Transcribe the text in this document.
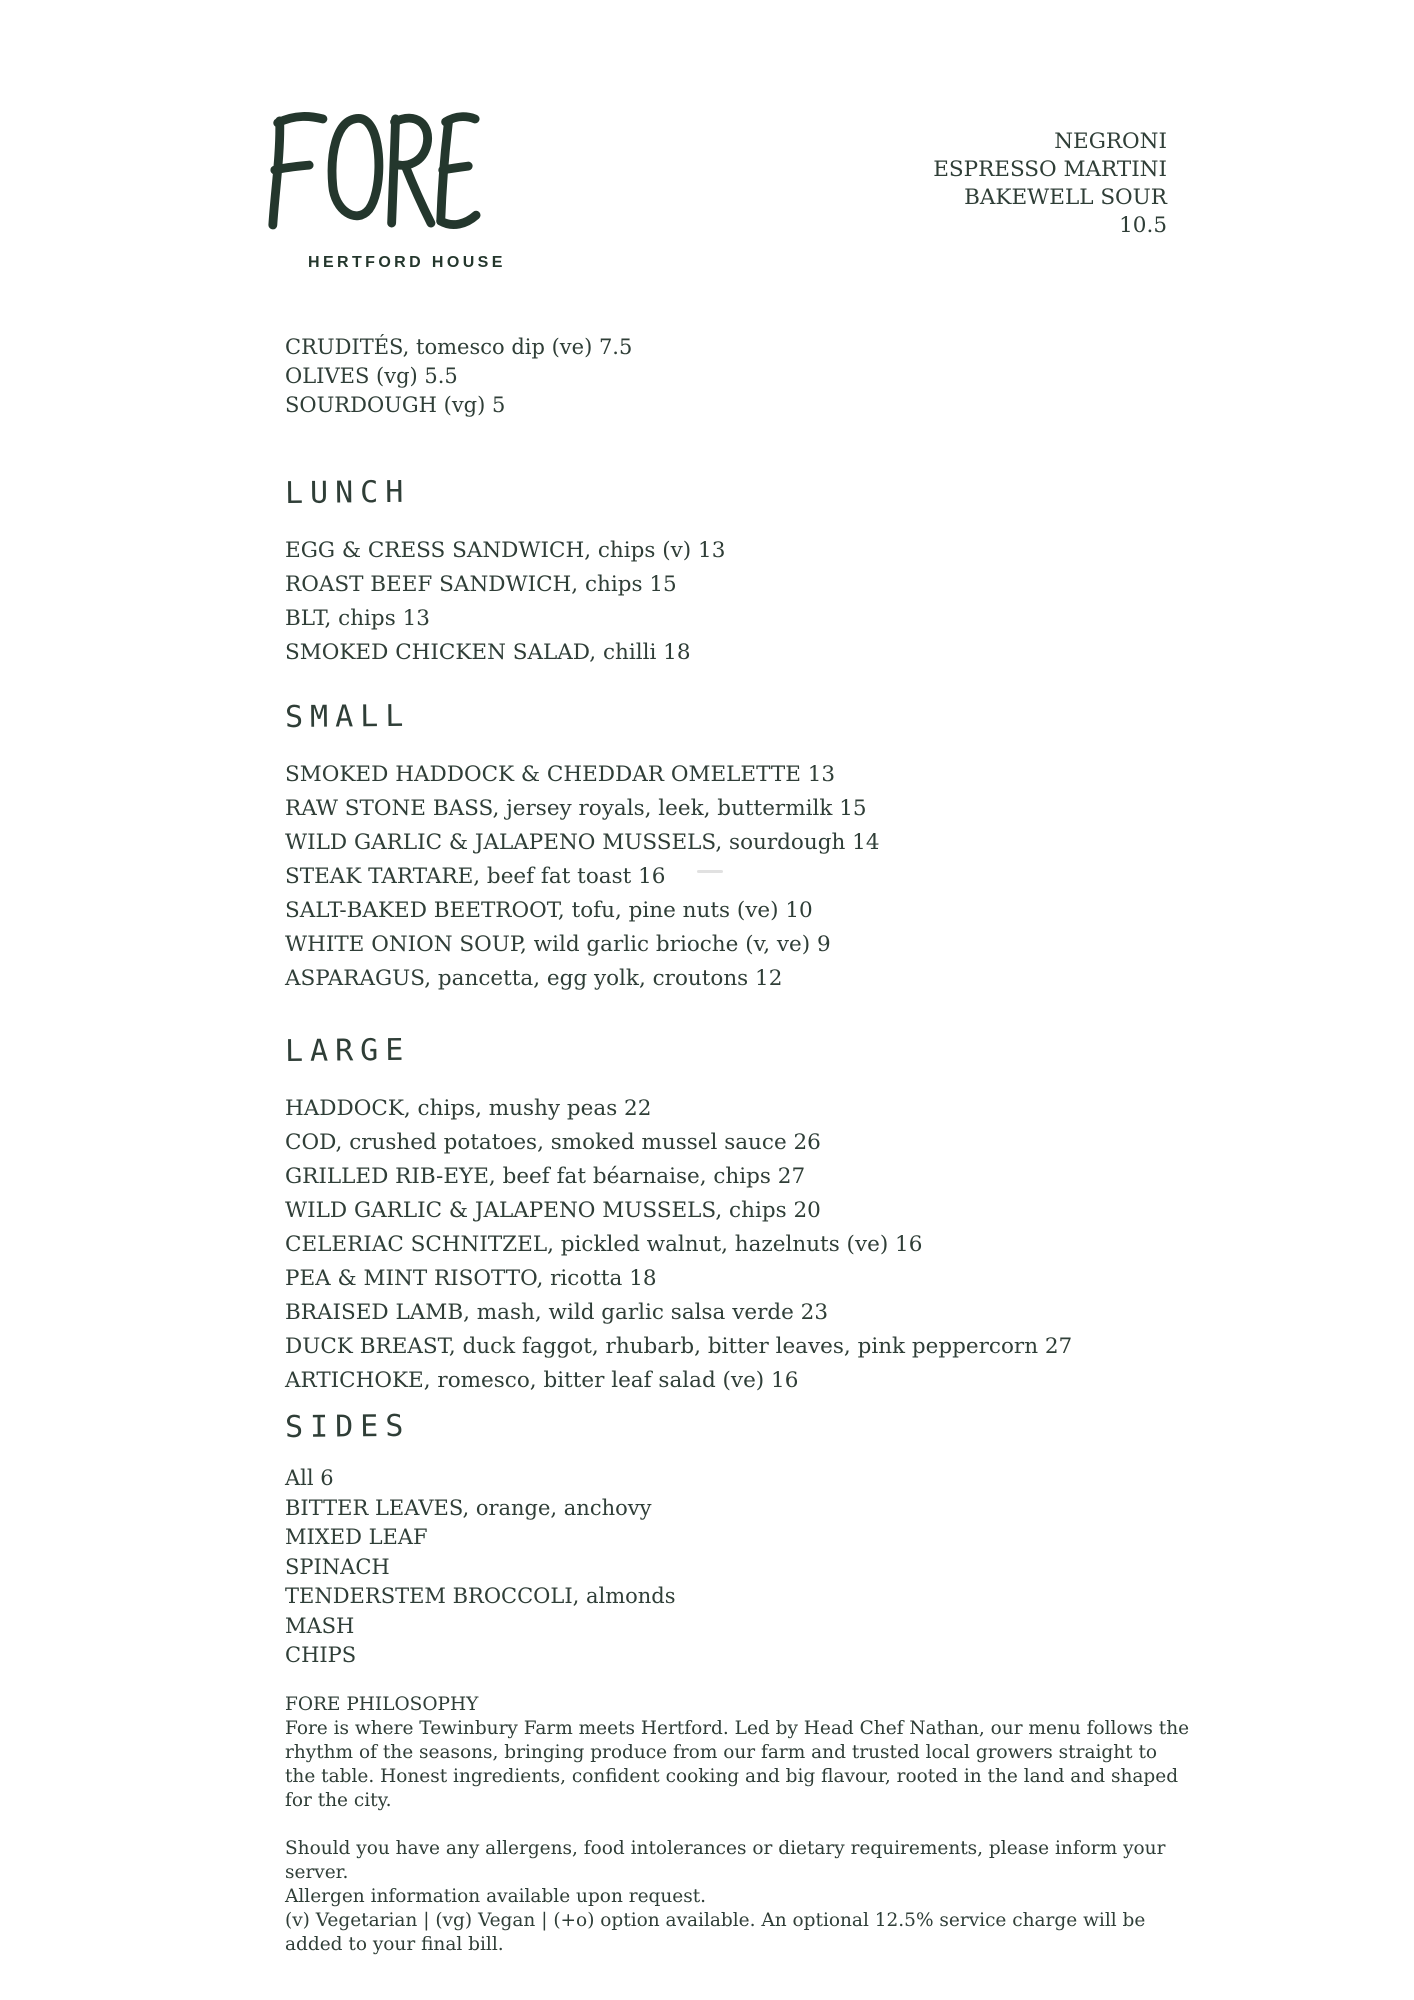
HERTFORD HOUSE
NEGRONI
ESPRESSO MARTINI
BAKEWELL SOUR
10.5
CRUDITÉS, tomesco dip (ve) 7.5
OLIVES (vg) 5.5
SOURDOUGH (vg) 5
LUNCH
EGG & CRESS SANDWICH, chips (v) 13
ROAST BEEF SANDWICH, chips 15
BLT, chips 13
SMOKED CHICKEN SALAD, chilli 18
SMALL
SMOKED HADDOCK & CHEDDAR OMELETTE 13
RAW STONE BASS, jersey royals, leek, buttermilk 15
WILD GARLIC & JALAPENO MUSSELS, sourdough 14
STEAK TARTARE, beef fat toast 16
SALT-BAKED BEETROOT, tofu, pine nuts (ve) 10
WHITE ONION SOUP, wild garlic brioche (v, ve) 9
ASPARAGUS, pancetta, egg yolk, croutons 12
LARGE
HADDOCK, chips, mushy peas 22
COD, crushed potatoes, smoked mussel sauce 26
GRILLED RIB-EYE, beef fat béarnaise, chips 27
WILD GARLIC & JALAPENO MUSSELS, chips 20
CELERIAC SCHNITZEL, pickled walnut, hazelnuts (ve) 16
PEA & MINT RISOTTO, ricotta 18
BRAISED LAMB, mash, wild garlic salsa verde 23
DUCK BREAST, duck faggot, rhubarb, bitter leaves, pink peppercorn 27
ARTICHOKE, romesco, bitter leaf salad (ve) 16
SIDES
All 6
BITTER LEAVES, orange, anchovy
MIXED LEAF
SPINACH
TENDERSTEM BROCCOLI, almonds
MASH
CHIPS
FORE PHILOSOPHY

Fore is where Tewinbury Farm meets Hertford. Led by Head Chef Nathan, our menu follows the rhythm of the seasons, bringing produce from our farm and trusted local growers straight to the table. Honest ingredients, confident cooking and big flavour, rooted in the land and shaped for the city.

Should you have any allergens, food intolerances or dietary requirements, please inform your server.
Allergen information available upon request.
(v) Vegetarian | (vg) Vegan | (+o) option available. An optional 12.5% service charge will be added to your final bill.
